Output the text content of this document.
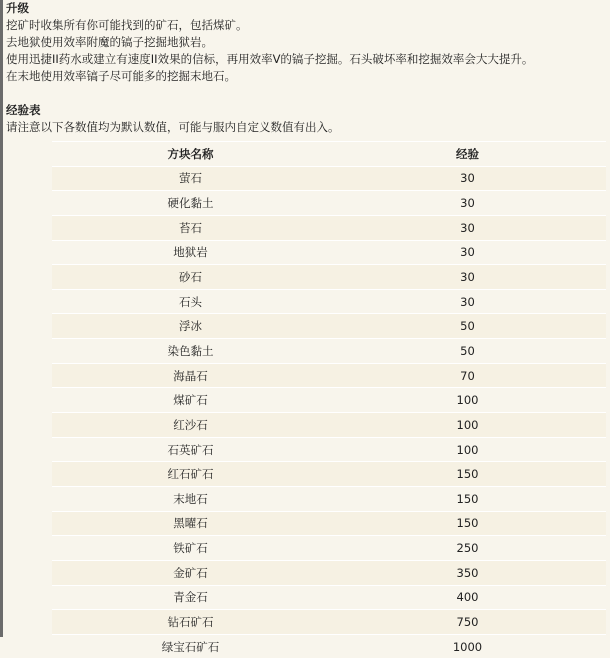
升级
挖矿时收集所有你可能找到的矿石，包括煤矿。
去地狱使用效率附魔的镐子挖掘地狱岩。
使用迅捷II药水或建立有速度II效果的信标，再用效率V的镐子挖掘。石头破坏率和挖掘效率会大大提升。
在末地使用效率镐子尽可能多的挖掘末地石。
经验表
请注意以下各数值均为默认数值，可能与服内自定义数值有出入。
方块名称	经验
萤石	30
硬化黏土	30
苔石	30
地狱岩	30
砂石	30
石头	30
浮冰	50
染色黏土	50
海晶石	70
煤矿石	100
红沙石	100
石英矿石	100
红石矿石	150
末地石	150
黑曜石	150
铁矿石	250
金矿石	350
青金石	400
钻石矿石	750
绿宝石矿石	1000
